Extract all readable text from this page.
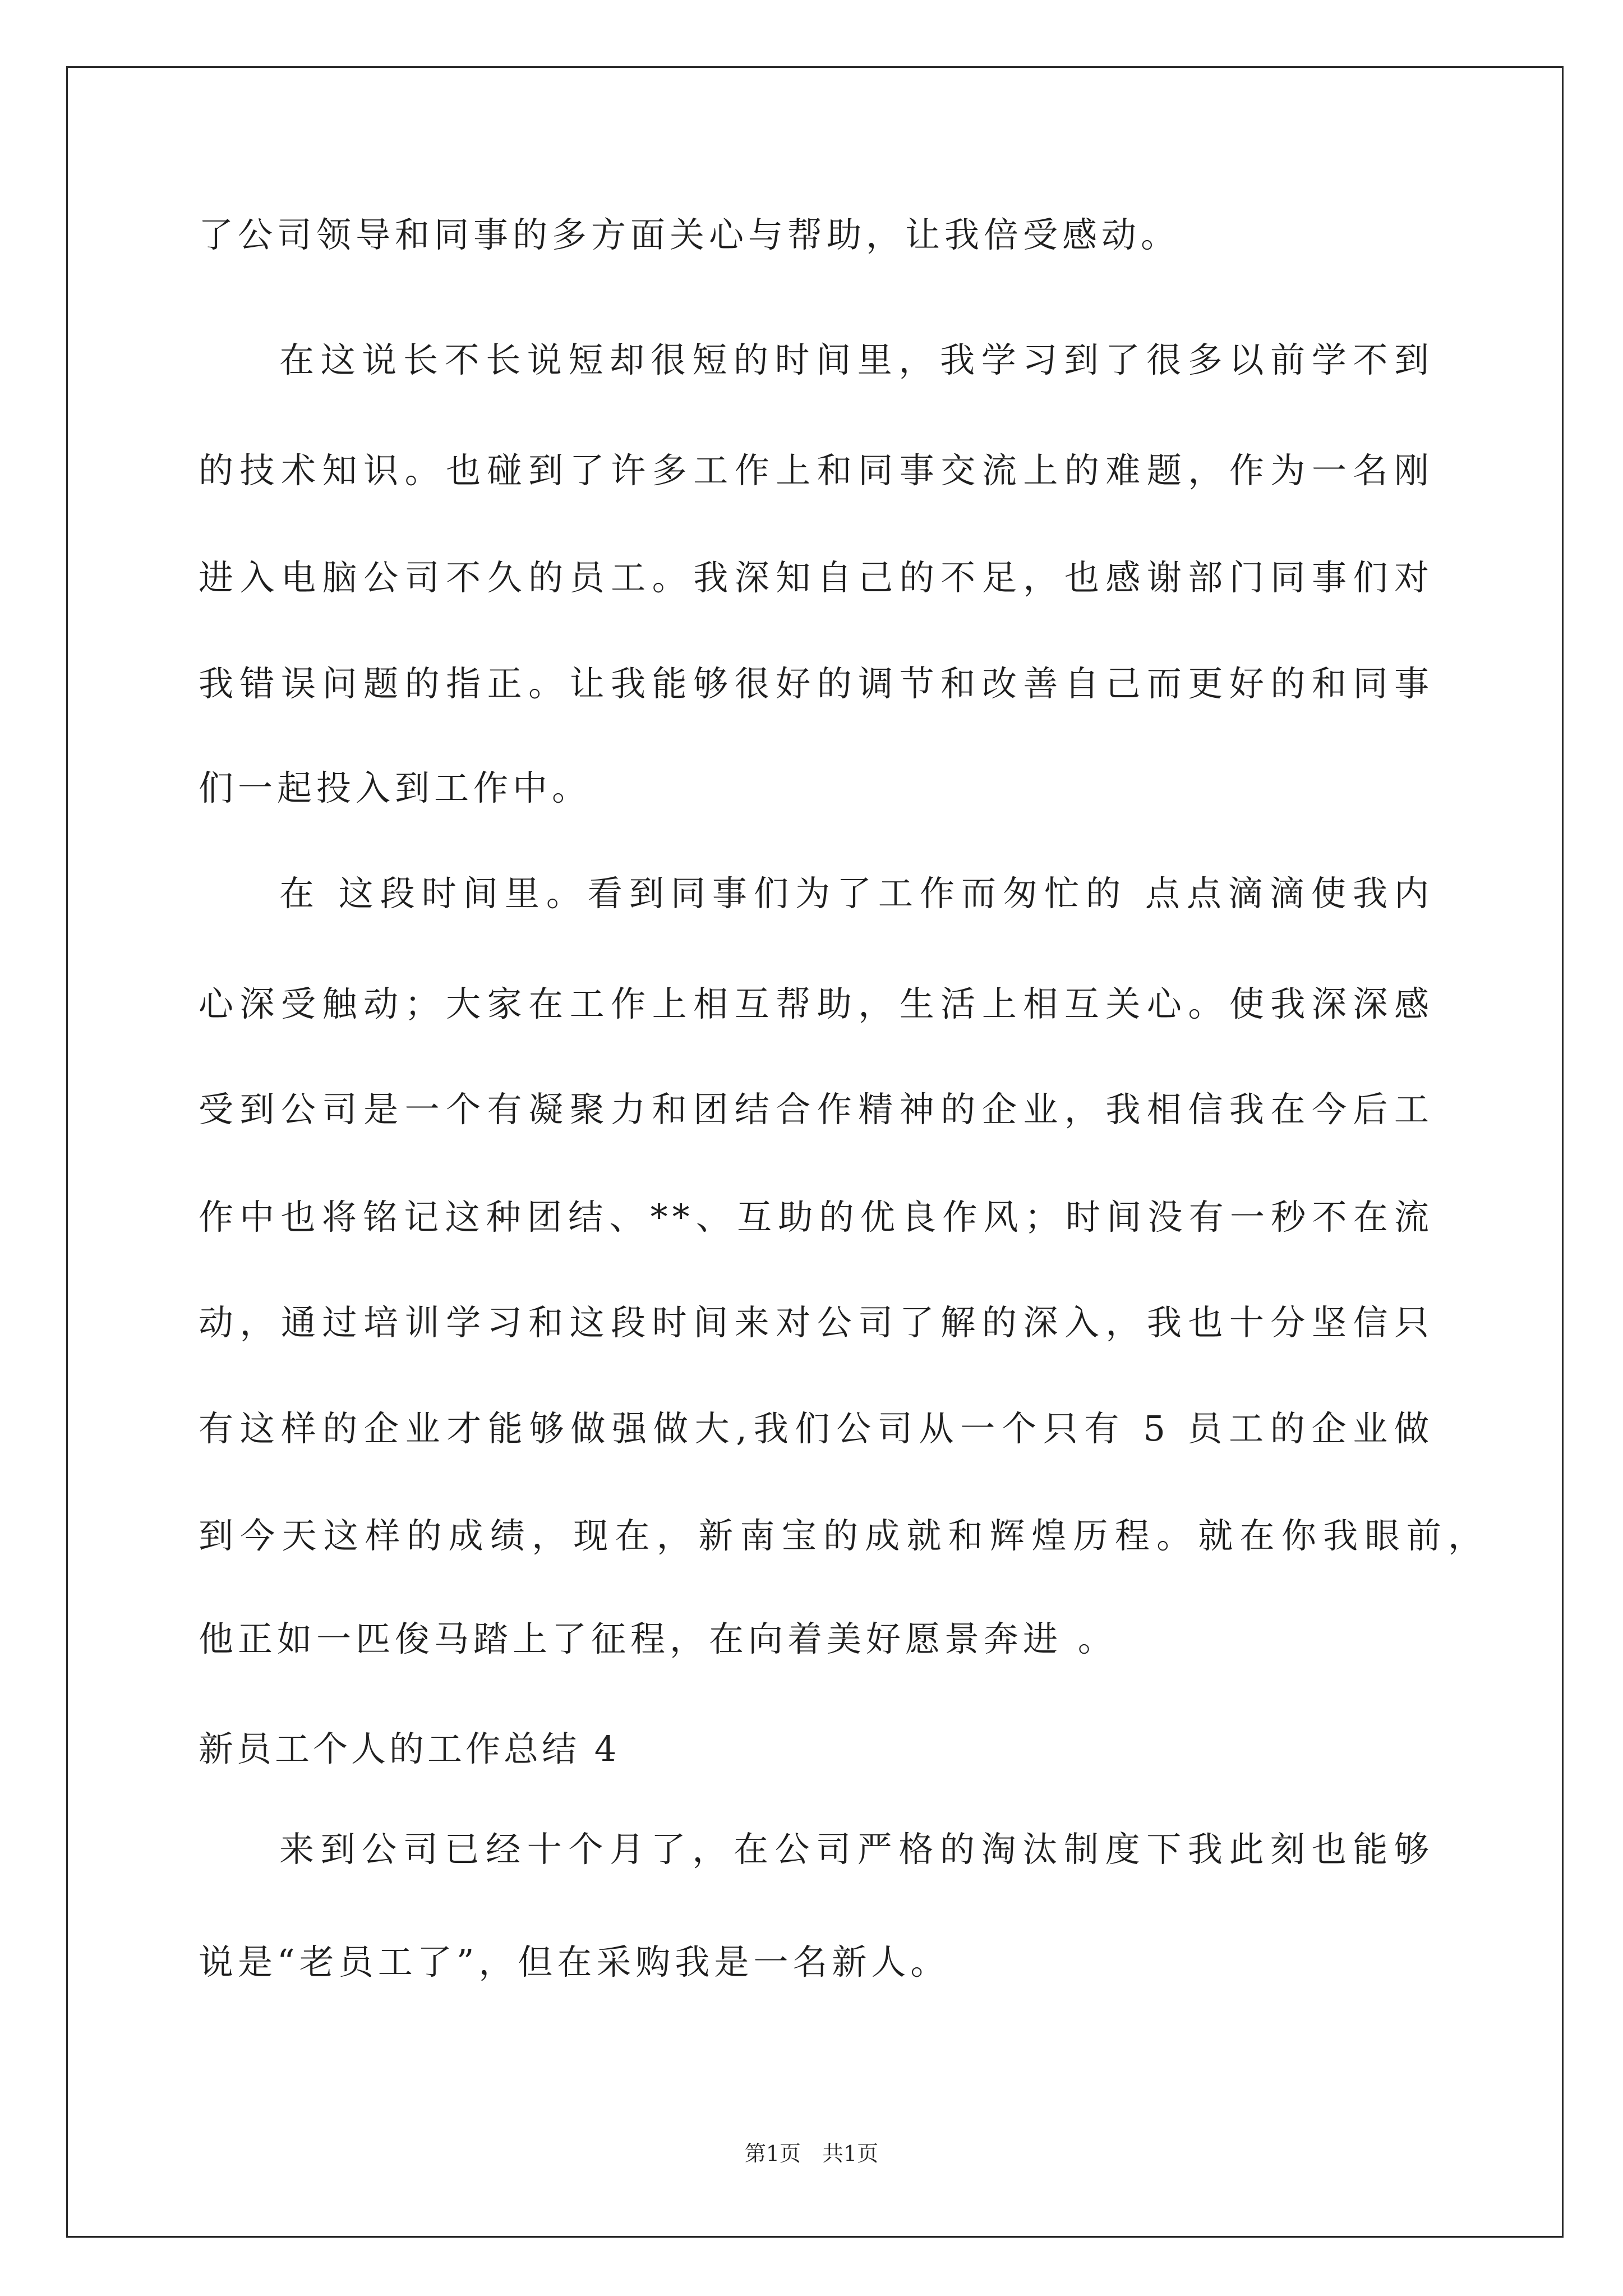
了公司领导和同事的多方面关心与帮助，让我倍受感动。
在这说长不长说短却很短的时间里，我学习到了很多以前学不到
的技术知识。也碰到了许多工作上和同事交流上的难题，作为一名刚
进入电脑公司不久的员工。我深知自己的不足，也感谢部门同事们对
我错误问题的指正。让我能够很好的调节和改善自己而更好的和同事
们一起投入到工作中。
在 这段时间里。看到同事们为了工作而匆忙的 点点滴滴使我内
心深受触动；大家在工作上相互帮助，生活上相互关心。使我深深感
受到公司是一个有凝聚力和团结合作精神的企业，我相信我在今后工
作中也将铭记这种团结、**、互助的优良作风；时间没有一秒不在流
动，通过培训学习和这段时间来对公司了解的深入，我也十分坚信只
有这样的企业才能够做强做大,我们公司从一个只有 5 员工的企业做
到今天这样的成绩，现在，新南宝的成就和辉煌历程。就在你我眼前，
他正如一匹俊马踏上了征程，在向着美好愿景奔进 。
新员工个人的工作总结 4
来到公司已经十个月了，在公司严格的淘汰制度下我此刻也能够
说是“老员工了”，但在采购我是一名新人。
第1页　共1页
